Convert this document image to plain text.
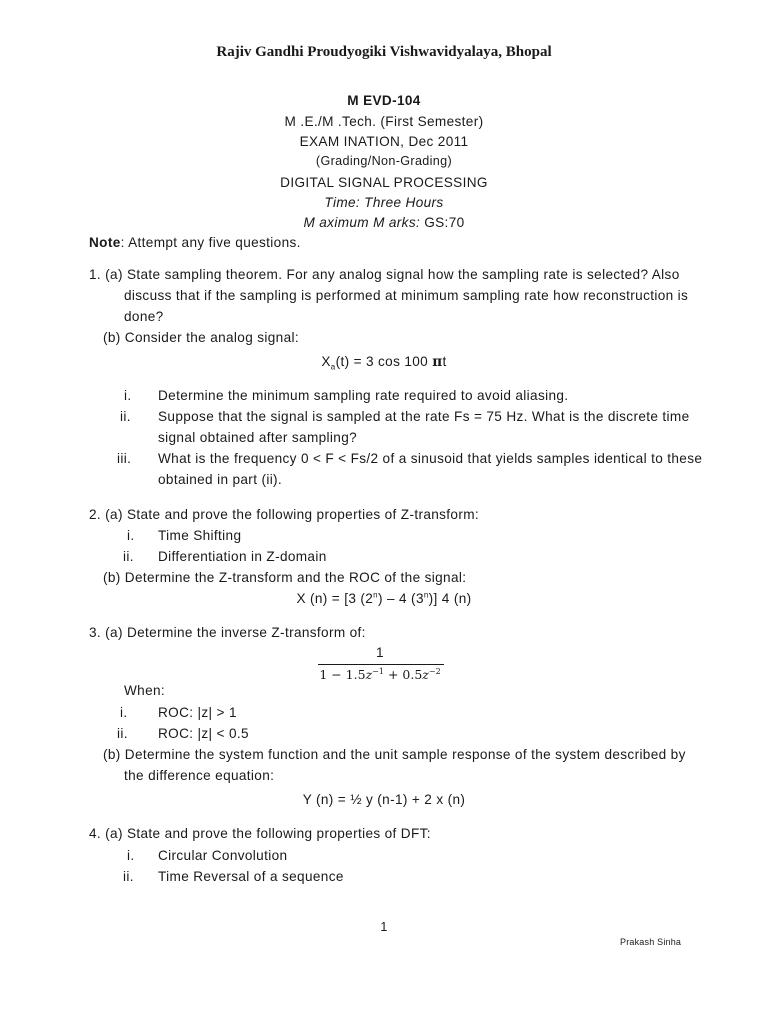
Rajiv Gandhi Proudyogiki Vishwavidyalaya, Bhopal
M EVD-104
M .E./M .Tech. (First Semester)
EXAM INATION, Dec 2011
(Grading/Non-Grading)
DIGITAL SIGNAL PROCESSING
Time: Three Hours
M aximum M arks: GS:70
Note: Attempt any five questions.
1. (a) State sampling theorem. For any analog signal how the sampling rate is selected? Also
discuss that if the sampling is performed at minimum sampling rate how reconstruction is
done?
(b) Consider the analog signal:
$X_a(t) = 3$ cos 100 πt
i. Determine the minimum sampling rate required to avoid aliasing.
ii. Suppose that the signal is sampled at the rate Fs = 75 Hz. What is the discrete time
signal obtained after sampling?
iii. What is the frequency 0 < F < Fs/2 of a sinusoid that yields samples identical to these
obtained in part (ii).
2. (a) State and prove the following properties of Z-transform:
i. Time Shifting
ii. Differentiation in Z-domain
(b) Determine the Z-transform and the ROC of the signal:
X (n) = [3 (2$^n$) – 4 (3$^n$)] 4 (n)
3. (a) Determine the inverse Z-transform of:
1
$1 - 1.5z^{-1} + 0.5z^{-2}$
When:
i. ROC: |z| > 1
ii. ROC: |z| < 0.5
(b) Determine the system function and the unit sample response of the system described by
the difference equation:
Y (n) = ½ y (n-1) + 2 x (n)
4. (a) State and prove the following properties of DFT:
i. Circular Convolution
ii. Time Reversal of a sequence
1
Prakash Sinha
